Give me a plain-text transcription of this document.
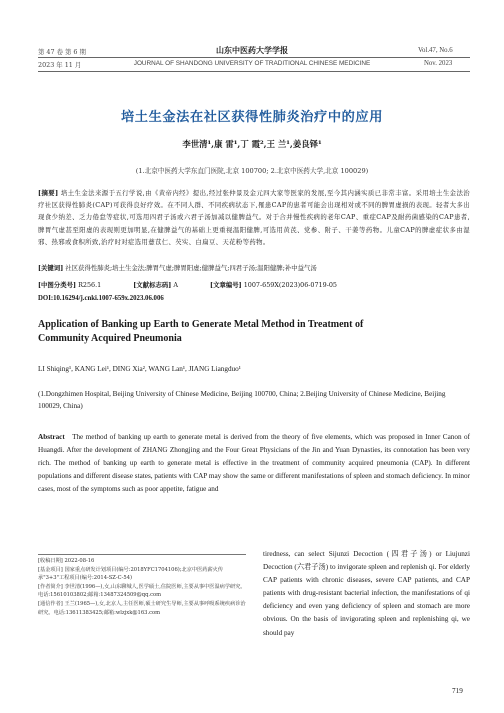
第 47 卷 第 6 期	山东中医药大学学报	Vol.47, No.6
2023 年 11 月	JOURNAL OF SHANDONG UNIVERSITY OF TRADITIONAL CHINESE MEDICINE	Nov. 2023
培土生金法在社区获得性肺炎治疗中的应用
李世清¹,康 雷¹,丁 霞²,王 兰¹,姜良铎¹
(1.北京中医药大学东直门医院,北京 100700; 2.北京中医药大学,北京 100029)
[摘要] 培土生金法来源于五行学说,由《黄帝内经》提出,经过张仲景及金元四大家等医家的发展,至今其内涵实质已非常丰富。采用培土生金法治疗社区获得性肺炎(CAP)可获得良好疗效。在不同人群、不同疾病状态下,罹患CAP的患者可能会出现相对或不同的脾胃虚损的表现。轻者大多出现食少纳差、乏力倦怠等症状,可选用四君子汤或六君子汤加减以健脾益气。对于合并慢性疾病的老年CAP、重症CAP及耐药菌感染的CAP患者,脾胃气虚甚至阳虚的表现则更加明显,在健脾益气的基础上更重视温阳健脾,可选用黄芪、党参、附子、干姜等药物。儿童CAP的脾虚症状多由湿邪、热邪或食积所致,治疗时对症选用薏苡仁、芡实、白扁豆、天花粉等药物。
[关键词] 社区获得性肺炎;培土生金法;脾胃气虚;脾胃阳虚;健脾益气;四君子汤;温阳健脾;补中益气汤
[中图分类号] R256.1	[文献标志码] A	[文章编号] 1007-659X(2023)06-0719-05
DOI:10.16294/j.cnki.1007-659x.2023.06.006
Application of Banking up Earth to Generate Metal Method in Treatment of
Community Acquired Pneumonia
LI Shiqing¹, KANG Lei¹, DING Xia², WANG Lan¹, JIANG Liangduo¹
(1.Dongzhimen Hospital, Beijing University of Chinese Medicine, Beijing 100700, China; 2.Beijing University of Chinese Medicine, Beijing 100029, China)
Abstract The method of banking up earth to generate metal is derived from the theory of five elements, which was proposed in Inner Canon of Huangdi. After the development of ZHANG Zhongjing and the Four Great Physicians of the Jin and Yuan Dynasties, its connotation has been very rich. The method of banking up earth to generate metal is effective in the treatment of community acquired pneumonia (CAP). In different populations and different disease states, patients with CAP may show the same or different manifestations of spleen and stomach deficiency. In minor cases, most of the symptoms such as poor appetite, fatigue and
tiredness, can select Sijunzi Decoction (四君子汤) or Liujunzi Decoction (六君子汤) to invigorate spleen and replenish qi. For elderly CAP patients with chronic diseases, severe CAP patients, and CAP patients with drug-resistant bacterial infection, the manifestations of qi deficiency and even yang deficiency of spleen and stomach are more obvious. On the basis of invigorating spleen and replenishing qi, we should pay
[收稿日期] 2022-08-16
[基金项目] 国家重点研发计划项目(编号:2018YFC1704106);北京中医药薪火传承"3+3"工程项目(编号:2014-SZ-C-54)
[作者简介] 李世清(1996—),女,山东聊城人,医学硕士,住院医师,主要从事中医温病学研究。电话:15610103802;邮箱:13487324509@qq.com
[通信作者] 王兰(1965—),女,北京人,主任医师,硕士研究生导师,主要从事呼吸系统疾病诊治研究。电话:13611383425;邮箱:wlzjxk@163.com
719
